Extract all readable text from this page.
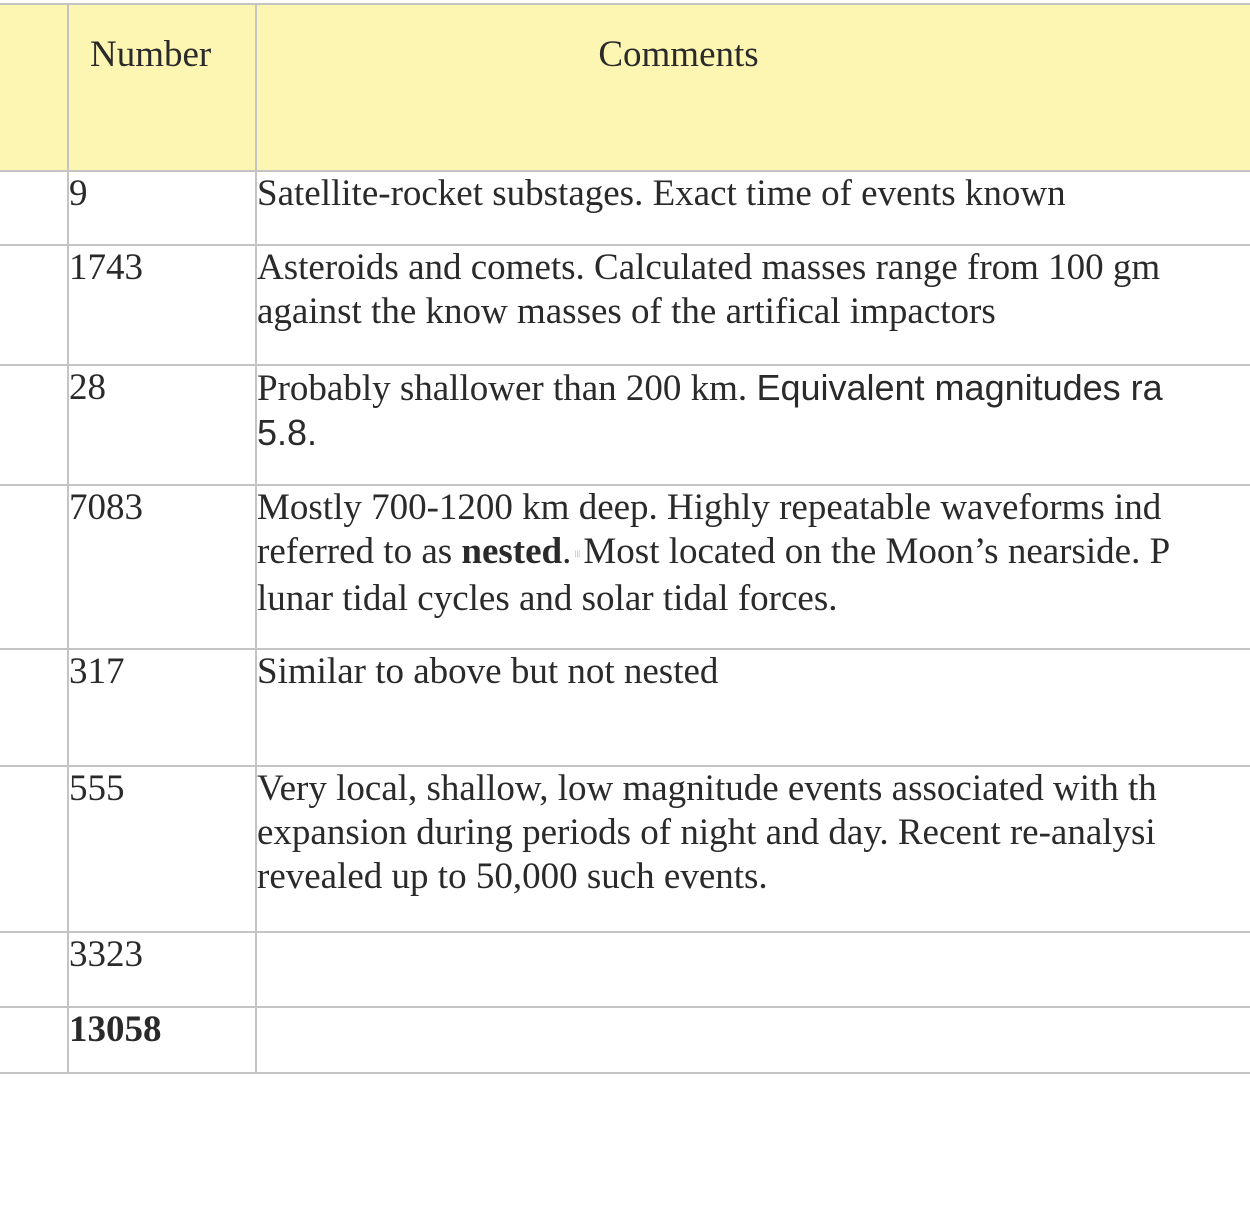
	Number	Comments
	9	Satellite-rocket substages. Exact time of events known

	1743	Asteroids and comets. Calculated masses range from 100 gm
against the know masses of the artifical impactors

	28	Probably shallower than 200 km. Equivalent magnitudes ra
5.8.

	7083	Mostly 700-1200 km deep. Highly repeatable waveforms ind
referred to as nested. |||Most located on the Moon’s nearside. P
lunar tidal cycles and solar tidal forces.

	317	Similar to above but not nested

	555	Very local, shallow, low magnitude events associated with th
expansion during periods of night and day. Recent re-analysi
revealed up to 50,000 such events.

	3323	
	13058	
